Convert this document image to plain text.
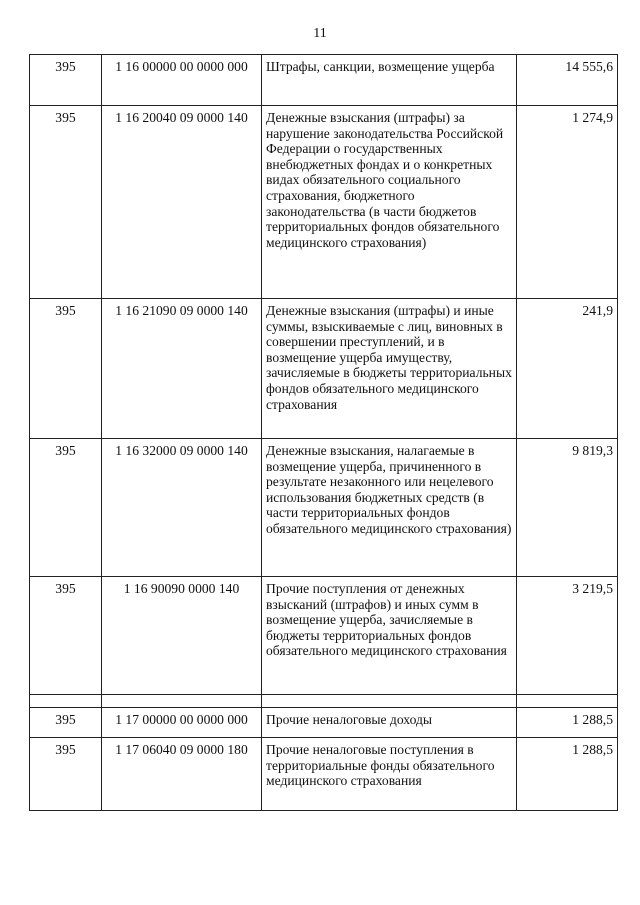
11
395	1 16 00000 00 0000 000	Штрафы, санкции, возмещение ущерба	14 555,6
395	1 16 20040 09 0000 140	Денежные взыскания (штрафы) за нарушение законодательства Российской Федерации о государственных внебюджетных фондах и о конкретных видах обязательного социального страхования, бюджетного законодательства (в части бюджетов территориальных фондов обязательного медицинского страхования)	1 274,9
395	1 16 21090 09 0000 140	Денежные взыскания (штрафы) и иные суммы, взыскиваемые с лиц, виновных в совершении преступлений, и в возмещение ущерба имуществу, зачисляемые в бюджеты территориальных фондов обязательного медицинского страхования	241,9
395	1 16 32000 09 0000 140	Денежные взыскания, налагаемые в возмещение ущерба, причиненного в результате незаконного или нецелевого использования бюджетных средств (в части территориальных фондов обязательного медицинского страхования)	9 819,3
395	1 16 90090 0000 140	Прочие поступления от денежных взысканий (штрафов) и иных сумм в возмещение ущерба, зачисляемые в бюджеты территориальных фондов обязательного медицинского страхования	3 219,5

395	1 17 00000 00 0000 000	Прочие неналоговые доходы	1 288,5
395	1 17 06040 09 0000 180	Прочие неналоговые поступления в территориальные фонды обязательного медицинского страхования	1 288,5
